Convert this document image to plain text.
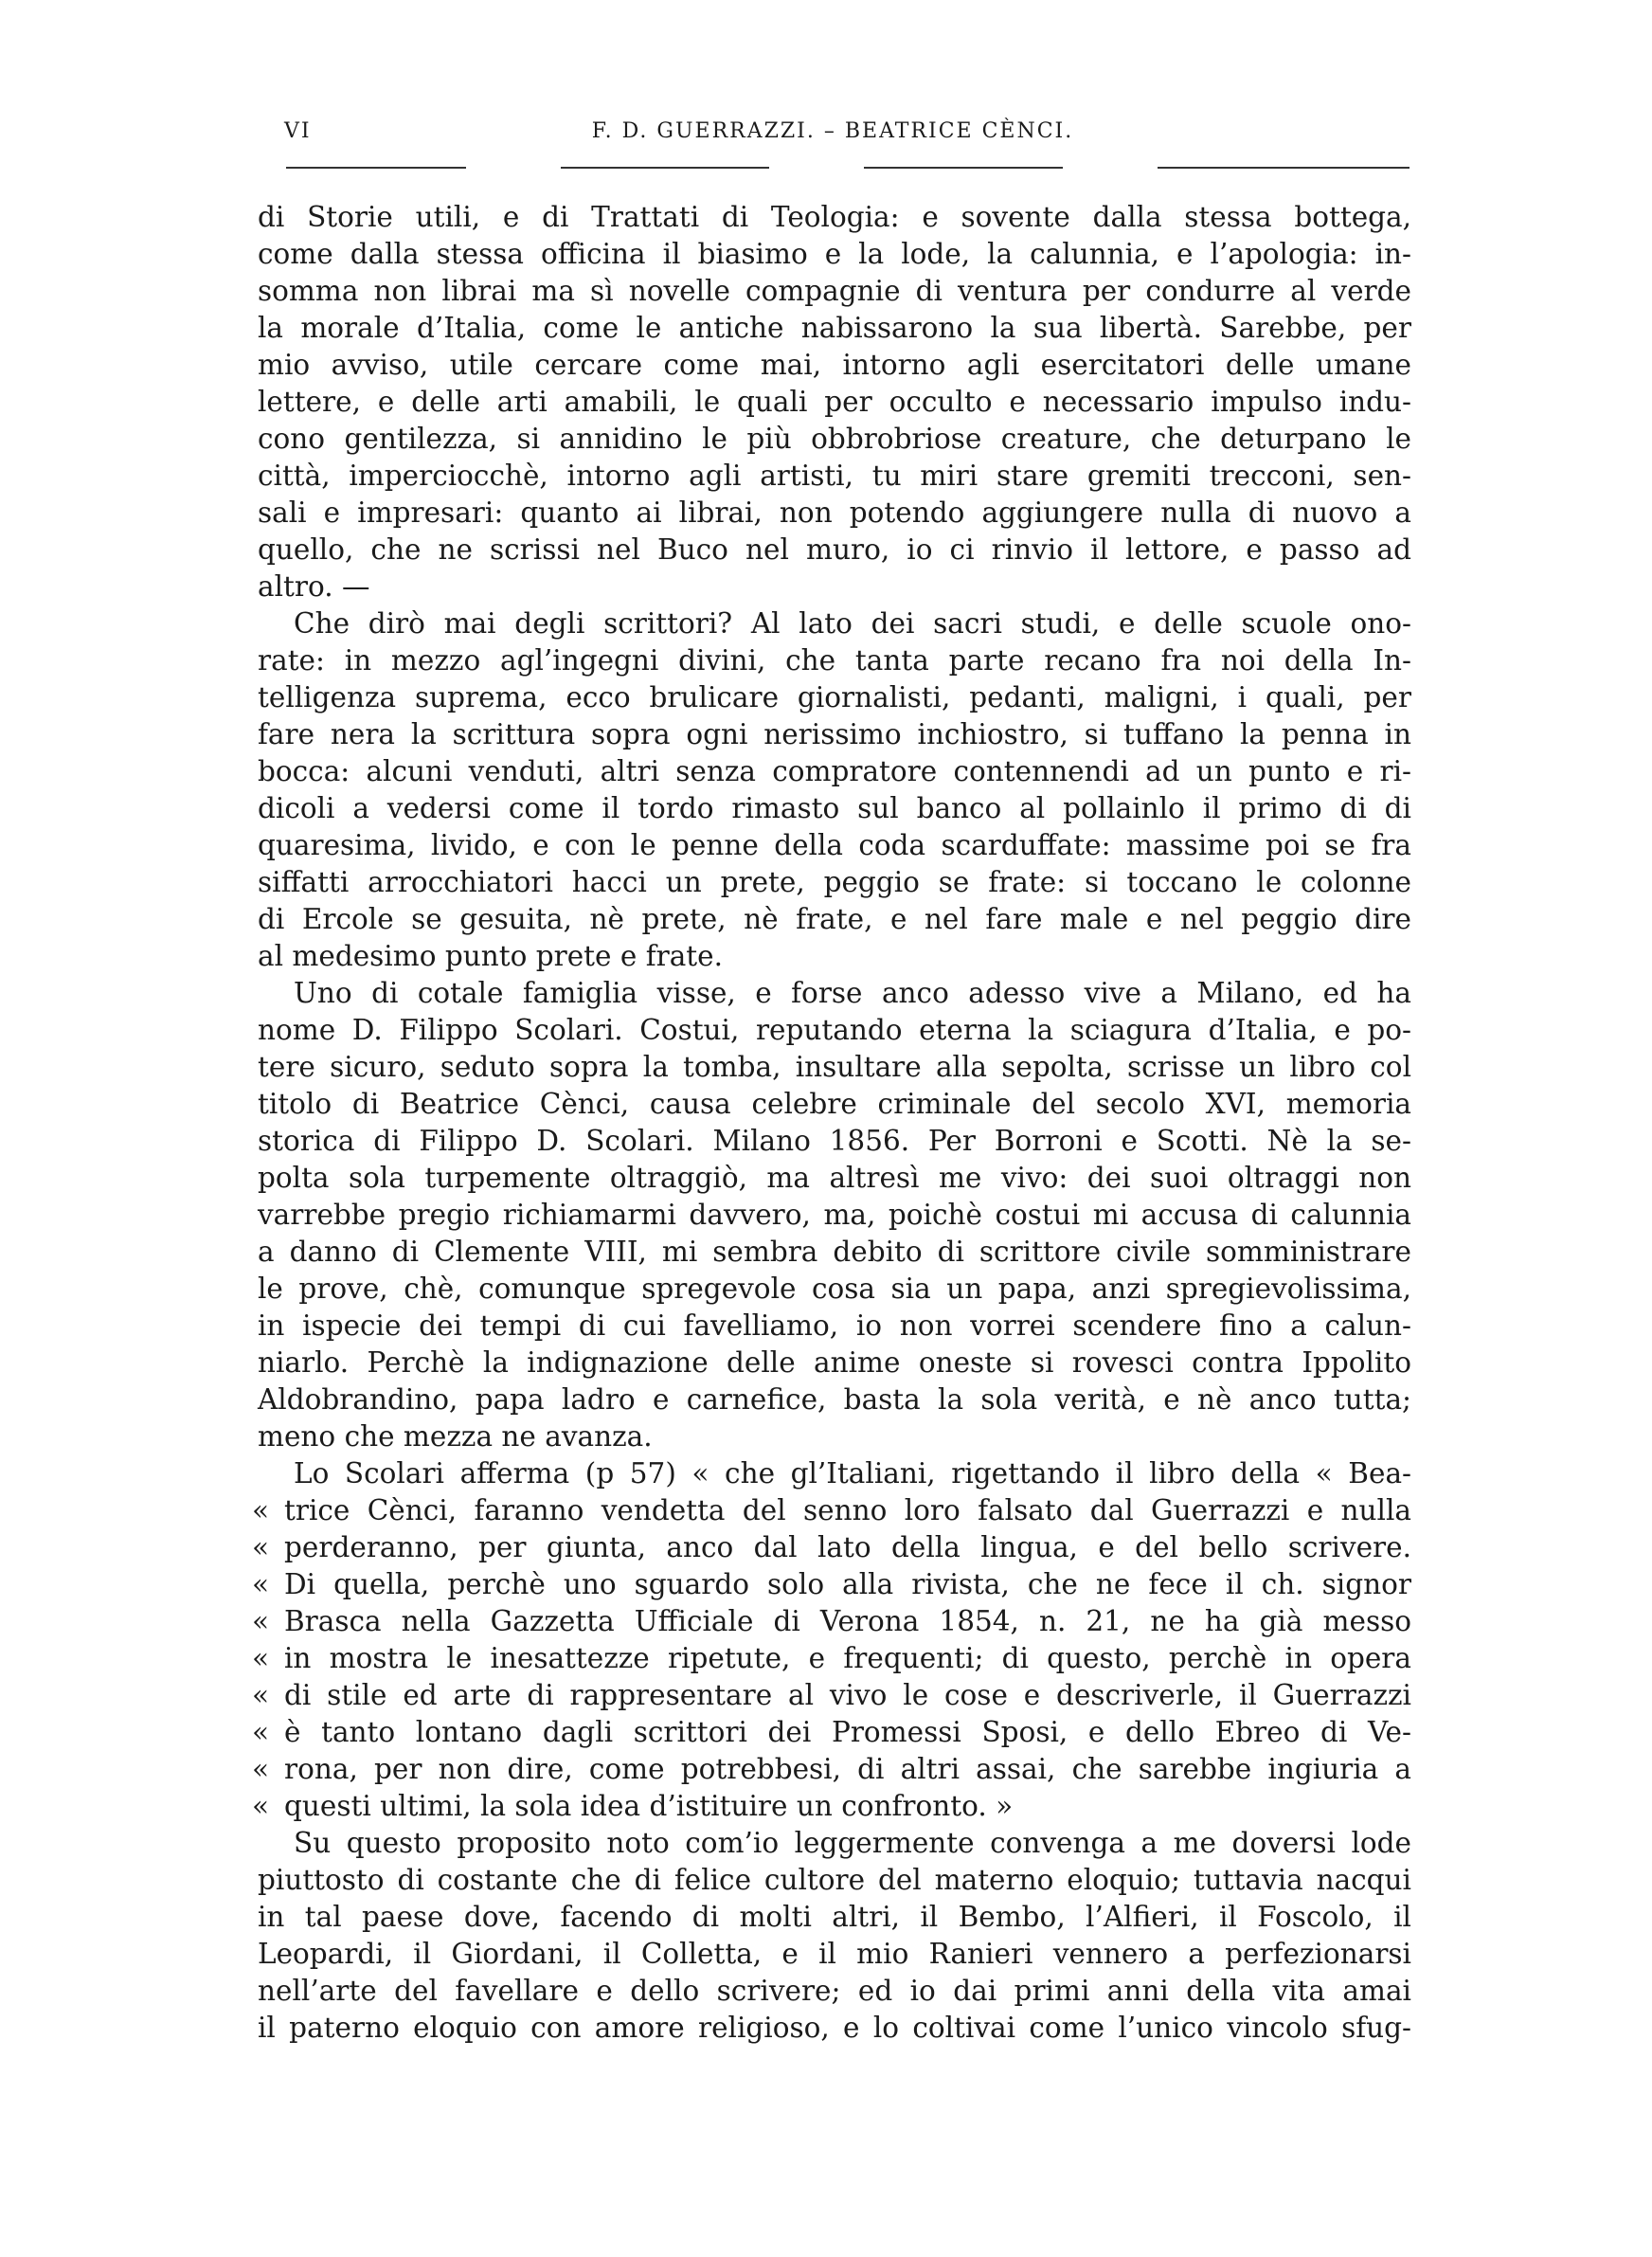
VI	F. D. GUERRAZZI. – BEATRICE CÈNCI.
di Storie utili, e di Trattati di Teologia: e sovente dalla stessa bottega,
come dalla stessa officina il biasimo e la lode, la calunnia, e l’apologia: in-
somma non librai ma sì novelle compagnie di ventura per condurre al verde
la morale d’Italia, come le antiche nabissarono la sua libertà. Sarebbe, per
mio avviso, utile cercare come mai, intorno agli esercitatori delle umane
lettere, e delle arti amabili, le quali per occulto e necessario impulso indu-
cono gentilezza, si annidino le più obbrobriose creature, che deturpano le
città, imperciocchè, intorno agli artisti, tu miri stare gremiti trecconi, sen-
sali e impresari: quanto ai librai, non potendo aggiungere nulla di nuovo a
quello, che ne scrissi nel Buco nel muro, io ci rinvio il lettore, e passo ad
altro. —
Che dirò mai degli scrittori? Al lato dei sacri studi, e delle scuole ono-
rate: in mezzo agl’ingegni divini, che tanta parte recano fra noi della In-
telligenza suprema, ecco brulicare giornalisti, pedanti, maligni, i quali, per
fare nera la scrittura sopra ogni nerissimo inchiostro, si tuffano la penna in
bocca: alcuni venduti, altri senza compratore contennendi ad un punto e ri-
dicoli a vedersi come il tordo rimasto sul banco al pollainlo il primo di di
quaresima, livido, e con le penne della coda scarduffate: massime poi se fra
siffatti arrocchiatori hacci un prete, peggio se frate: si toccano le colonne
di Ercole se gesuita, nè prete, nè frate, e nel fare male e nel peggio dire
al medesimo punto prete e frate.
Uno di cotale famiglia visse, e forse anco adesso vive a Milano, ed ha
nome D. Filippo Scolari. Costui, reputando eterna la sciagura d’Italia, e po-
tere sicuro, seduto sopra la tomba, insultare alla sepolta, scrisse un libro col
titolo di Beatrice Cènci, causa celebre criminale del secolo XVI, memoria
storica di Filippo D. Scolari. Milano 1856. Per Borroni e Scotti. Nè la se-
polta sola turpemente oltraggiò, ma altresì me vivo: dei suoi oltraggi non
varrebbe pregio richiamarmi davvero, ma, poichè costui mi accusa di calunnia
a danno di Clemente VIII, mi sembra debito di scrittore civile somministrare
le prove, chè, comunque spregevole cosa sia un papa, anzi spregievolissima,
in ispecie dei tempi di cui favelliamo, io non vorrei scendere fino a calun-
niarlo. Perchè la indignazione delle anime oneste si rovesci contra Ippolito
Aldobrandino, papa ladro e carnefice, basta la sola verità, e nè anco tutta;
meno che mezza ne avanza.
Lo Scolari afferma (p 57) « che gl’Italiani, rigettando il libro della « Bea-
« trice Cènci, faranno vendetta del senno loro falsato dal Guerrazzi e nulla
« perderanno, per giunta, anco dal lato della lingua, e del bello scrivere.
« Di quella, perchè uno sguardo solo alla rivista, che ne fece il ch. signor
« Brasca nella Gazzetta Ufficiale di Verona 1854, n. 21, ne ha già messo
« in mostra le inesattezze ripetute, e frequenti; di questo, perchè in opera
« di stile ed arte di rappresentare al vivo le cose e descriverle, il Guerrazzi
« è tanto lontano dagli scrittori dei Promessi Sposi, e dello Ebreo di Ve-
« rona, per non dire, come potrebbesi, di altri assai, che sarebbe ingiuria a
« questi ultimi, la sola idea d’istituire un confronto. »
Su questo proposito noto com’io leggermente convenga a me doversi lode
piuttosto di costante che di felice cultore del materno eloquio; tuttavia nacqui
in tal paese dove, facendo di molti altri, il Bembo, l’Alfieri, il Foscolo, il
Leopardi, il Giordani, il Colletta, e il mio Ranieri vennero a perfezionarsi
nell’arte del favellare e dello scrivere; ed io dai primi anni della vita amai
il paterno eloquio con amore religioso, e lo coltivai come l’unico vincolo sfug-
